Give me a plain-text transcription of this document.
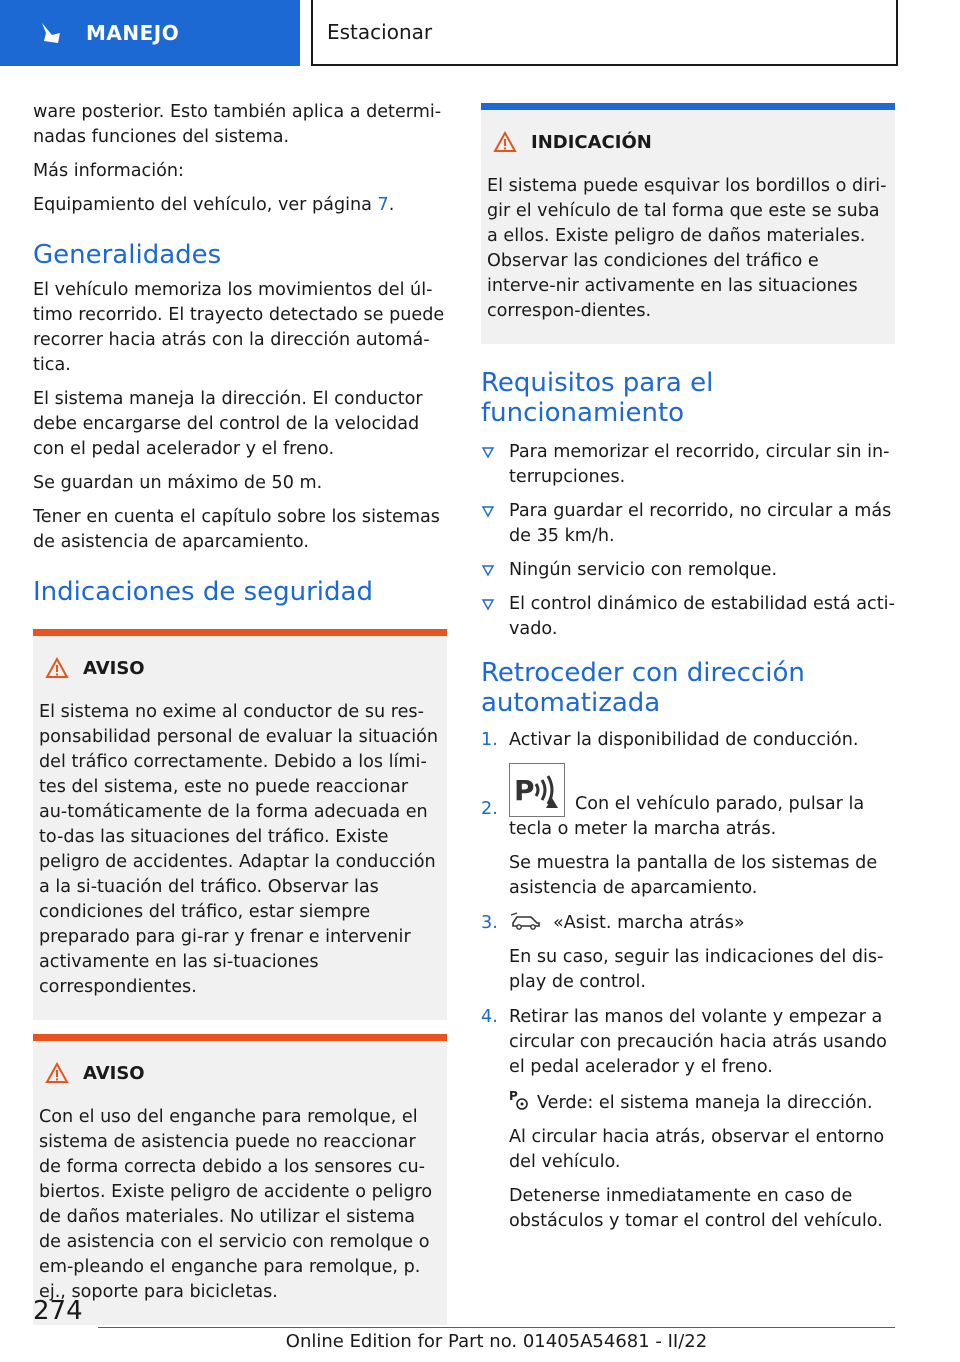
MANEJO	Estacionar

ware posterior. Esto también aplica a determi-nadas funciones del sistema.

Más información:

Equipamiento del vehículo, ver página 7.

Generalidades

El vehículo memoriza los movimientos del úl-timo recorrido. El trayecto detectado se puede recorrer hacia atrás con la dirección automá-tica.

El sistema maneja la dirección. El conductor debe encargarse del control de la velocidad con el pedal acelerador y el freno.

Se guardan un máximo de 50 m.

Tener en cuenta el capítulo sobre los sistemas de asistencia de aparcamiento.

Indicaciones de seguridad
AVISO

El sistema no exime al conductor de su res-ponsabilidad personal de evaluar la situación del tráfico correctamente. Debido a los lími-tes del sistema, este no puede reaccionar au-tomáticamente de la forma adecuada en to-das las situaciones del tráfico. Existe peligro de accidentes. Adaptar la conducción a la si-tuación del tráfico. Observar las condiciones del tráfico, estar siempre preparado para gi-rar y frenar e intervenir activamente en las si-tuaciones correspondientes.

AVISO

Con el uso del enganche para remolque, el sistema de asistencia puede no reaccionar de forma correcta debido a los sensores cu-biertos. Existe peligro de accidente o peligro de daños materiales. No utilizar el sistema de asistencia con el servicio con remolque o em-pleando el enganche para remolque, p. ej., soporte para bicicletas.

INDICACIÓN

El sistema puede esquivar los bordillos o diri-gir el vehículo de tal forma que este se suba a ellos. Existe peligro de daños materiales. Observar las condiciones del tráfico e interve-nir activamente en las situaciones correspon-dientes.

Requisitos para el funcionamiento

Para memorizar el recorrido, circular sin in-terrupciones.

Para guardar el recorrido, no circular a más de 35 km/h.

Ningún servicio con remolque.

El control dinámico de estabilidad está acti-vado.

Retroceder con dirección
automatizada
1. Activar la disponibilidad de conducción.

2.

P Con el vehículo parado, pulsar la tecla o meter la marcha atrás.

Se muestra la pantalla de los sistemas de asistencia de aparcamiento.

3.	«Asist. marcha atrás»

En su caso, seguir las indicaciones del dis-play de control.

4. Retirar las manos del volante y empezar a circular con precaución hacia atrás usando el pedal acelerador y el freno.

P Verde: el sistema maneja la dirección.

Al circular hacia atrás, observar el entorno del vehículo.

Detenerse inmediatamente en caso de obstáculos y tomar el control del vehículo.

274
Online Edition for Part no. 01405A54681 - II/22
